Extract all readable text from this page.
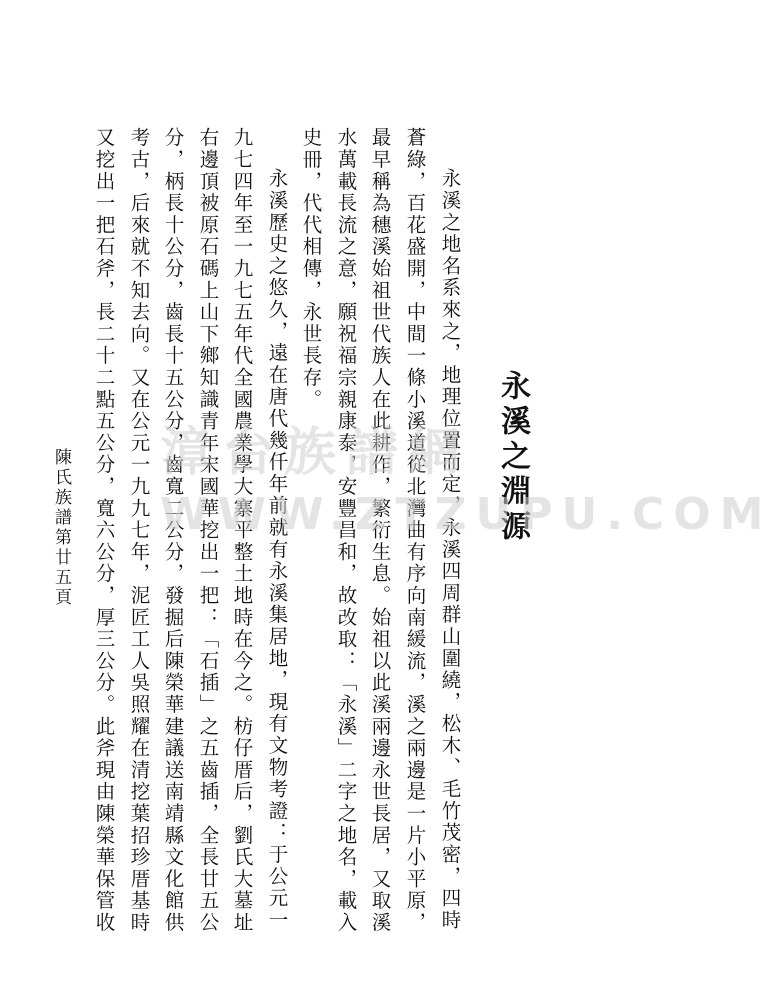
永溪之淵源
永溪之地名系來之，地理位置而定，永溪四周群山圍繞，松木、毛竹茂密，四時
蒼綠，百花盛開，中間一條小溪道從北灣曲有序向南緩流，溪之兩邊是一片小平原，
最早稱為穗溪始祖世代族人在此耕作，繁衍生息。始祖以此溪兩邊永世長居，又取溪
水萬載長流之意，願祝福宗親康泰，安豐昌和，故改取：「永溪」二字之地名，載入
史冊，代代相傳，永世長存。
永溪歷史之悠久，遠在唐代幾仟年前就有永溪集居地，現有文物考證：于公元一
九七四年至一九七五年代全國農業學大寨平整土地時在今之。枋仔厝后，劉氏大墓址
右邊頂被原石碼上山下鄉知識青年宋國華挖出一把：「石插」之五齒插，全長廿五公
分，柄長十公分，齒長十五公分，齒寬二公分，發掘后陳榮華建議送南靖縣文化館供
考古，后來就不知去向。又在公元一九九七年，泥匠工人吳照耀在清挖葉招珍厝基時
又挖出一把石斧，長二十二點五公分，寬六公分，厚三公分。此斧現由陳榮華保管收
陳氏族譜第廿五頁 漳台族譜網
WWW.ZTZUPU.COM
